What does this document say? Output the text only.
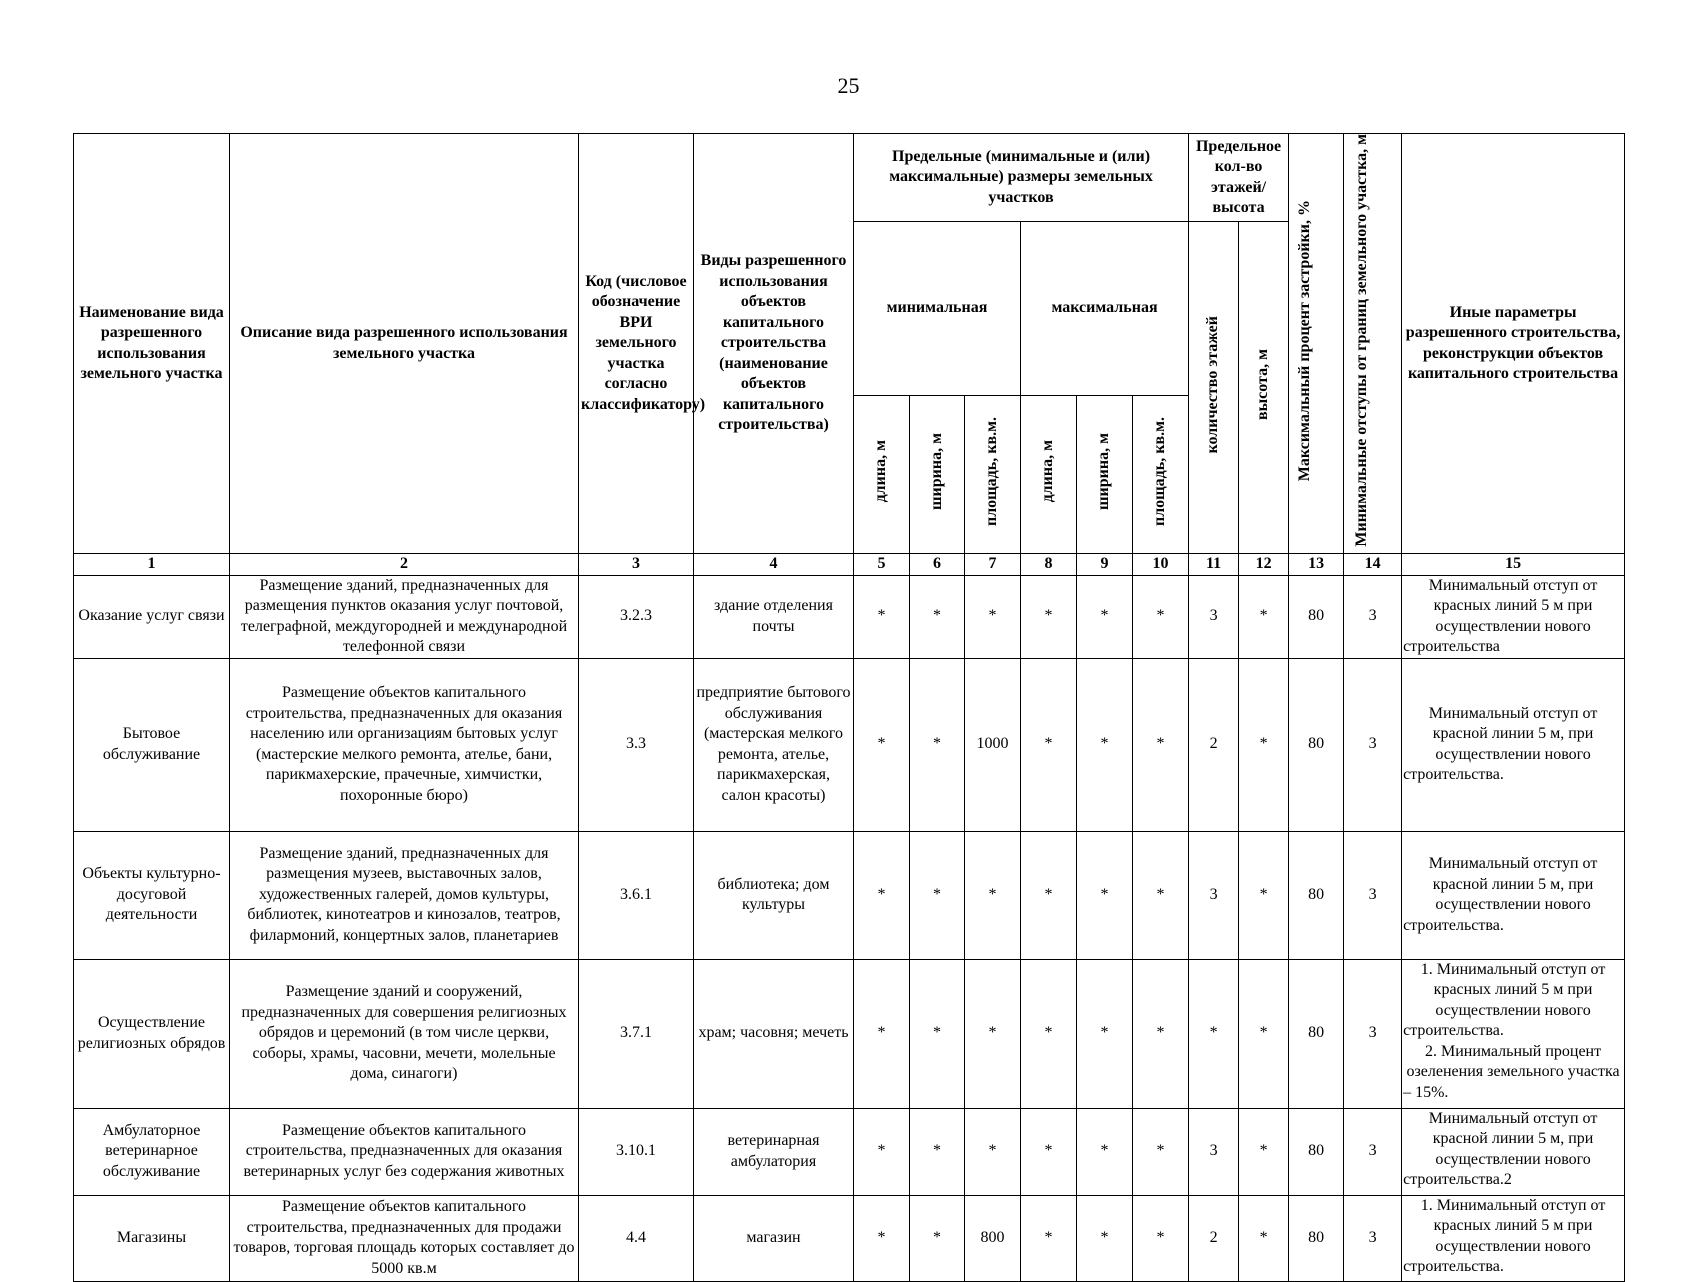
25
Наименование вида разрешенного использования земельного участка	Описание вида разрешенного использования земельного участка	Код (числовое обозначение ВРИ земельного участка согласно классификатору)	Виды разрешенного использования объектов капитального строительства (наименование объектов капитального строительства)	Предельные (минимальные и (или) максимальные) размеры земельных участков						Предельное кол-во этажей/ высота		Максимальный процент застройки, %	Минимальные отступы от границ земельного участка, м	Иные параметры разрешенного строительства, реконструкции объектов капитального строительства
				минимальная			максимальная			количество этажей	высота, м			
				длина, м	ширина, м	площадь, кв.м.	длина, м	ширина, м	площадь, кв.м.					
1	2	3	4	5	6	7	8	9	10	11	12	13	14	15
Оказание услуг связи	Размещение зданий, предназначенных для размещения пунктов оказания услуг почтовой, телеграфной, междугородней и международной телефонной связи	3.2.3	здание отделения почты	*	*	*	*	*	*	3	*	80	3	Минимальный отступ от красных линий 5 м при осуществлении нового строительства

Бытовое обслуживание	Размещение объектов капитального строительства, предназначенных для оказания населению или организациям бытовых услуг (мастерские мелкого ремонта, ателье, бани, парикмахерские, прачечные, химчистки, похоронные бюро)	3.3	предприятие бытового обслуживания (мастерская мелкого ремонта, ателье, парикмахерская, салон красоты)	*	*	1000	*	*	*	2	*	80	3	Минимальный отступ от красной линии 5 м, при осуществлении нового строительства.

Объекты культурно-досуговой деятельности	Размещение зданий, предназначенных для размещения музеев, выставочных залов, художественных галерей, домов культуры, библиотек, кинотеатров и кинозалов, театров, филармоний, концертных залов, планетариев	3.6.1	библиотека; дом культуры	*	*	*	*	*	*	3	*	80	3	Минимальный отступ от красной линии 5 м, при осуществлении нового строительства.

Осуществление религиозных обрядов	Размещение зданий и сооружений, предназначенных для совершения религиозных обрядов и церемоний (в том числе церкви, соборы, храмы, часовни, мечети, молельные дома, синагоги)	3.7.1	храм; часовня; мечеть	*	*	*	*	*	*	*	*	80	3	1. Минимальный отступ от красных линий 5 м при осуществлении нового строительства.
2. Минимальный процент озеленения земельного участка – 15%.

Амбулаторное ветеринарное обслуживание	Размещение объектов капитального строительства, предназначенных для оказания ветеринарных услуг без содержания животных	3.10.1	ветеринарная амбулатория	*	*	*	*	*	*	3	*	80	3	Минимальный отступ от красной линии 5 м, при осуществлении нового строительства.2

Магазины	Размещение объектов капитального строительства, предназначенных для продажи товаров, торговая площадь которых составляет до 5000 кв.м	4.4	магазин	*	*	800	*	*	*	2	*	80	3	1. Минимальный отступ от красных линий 5 м при осуществлении нового строительства.
